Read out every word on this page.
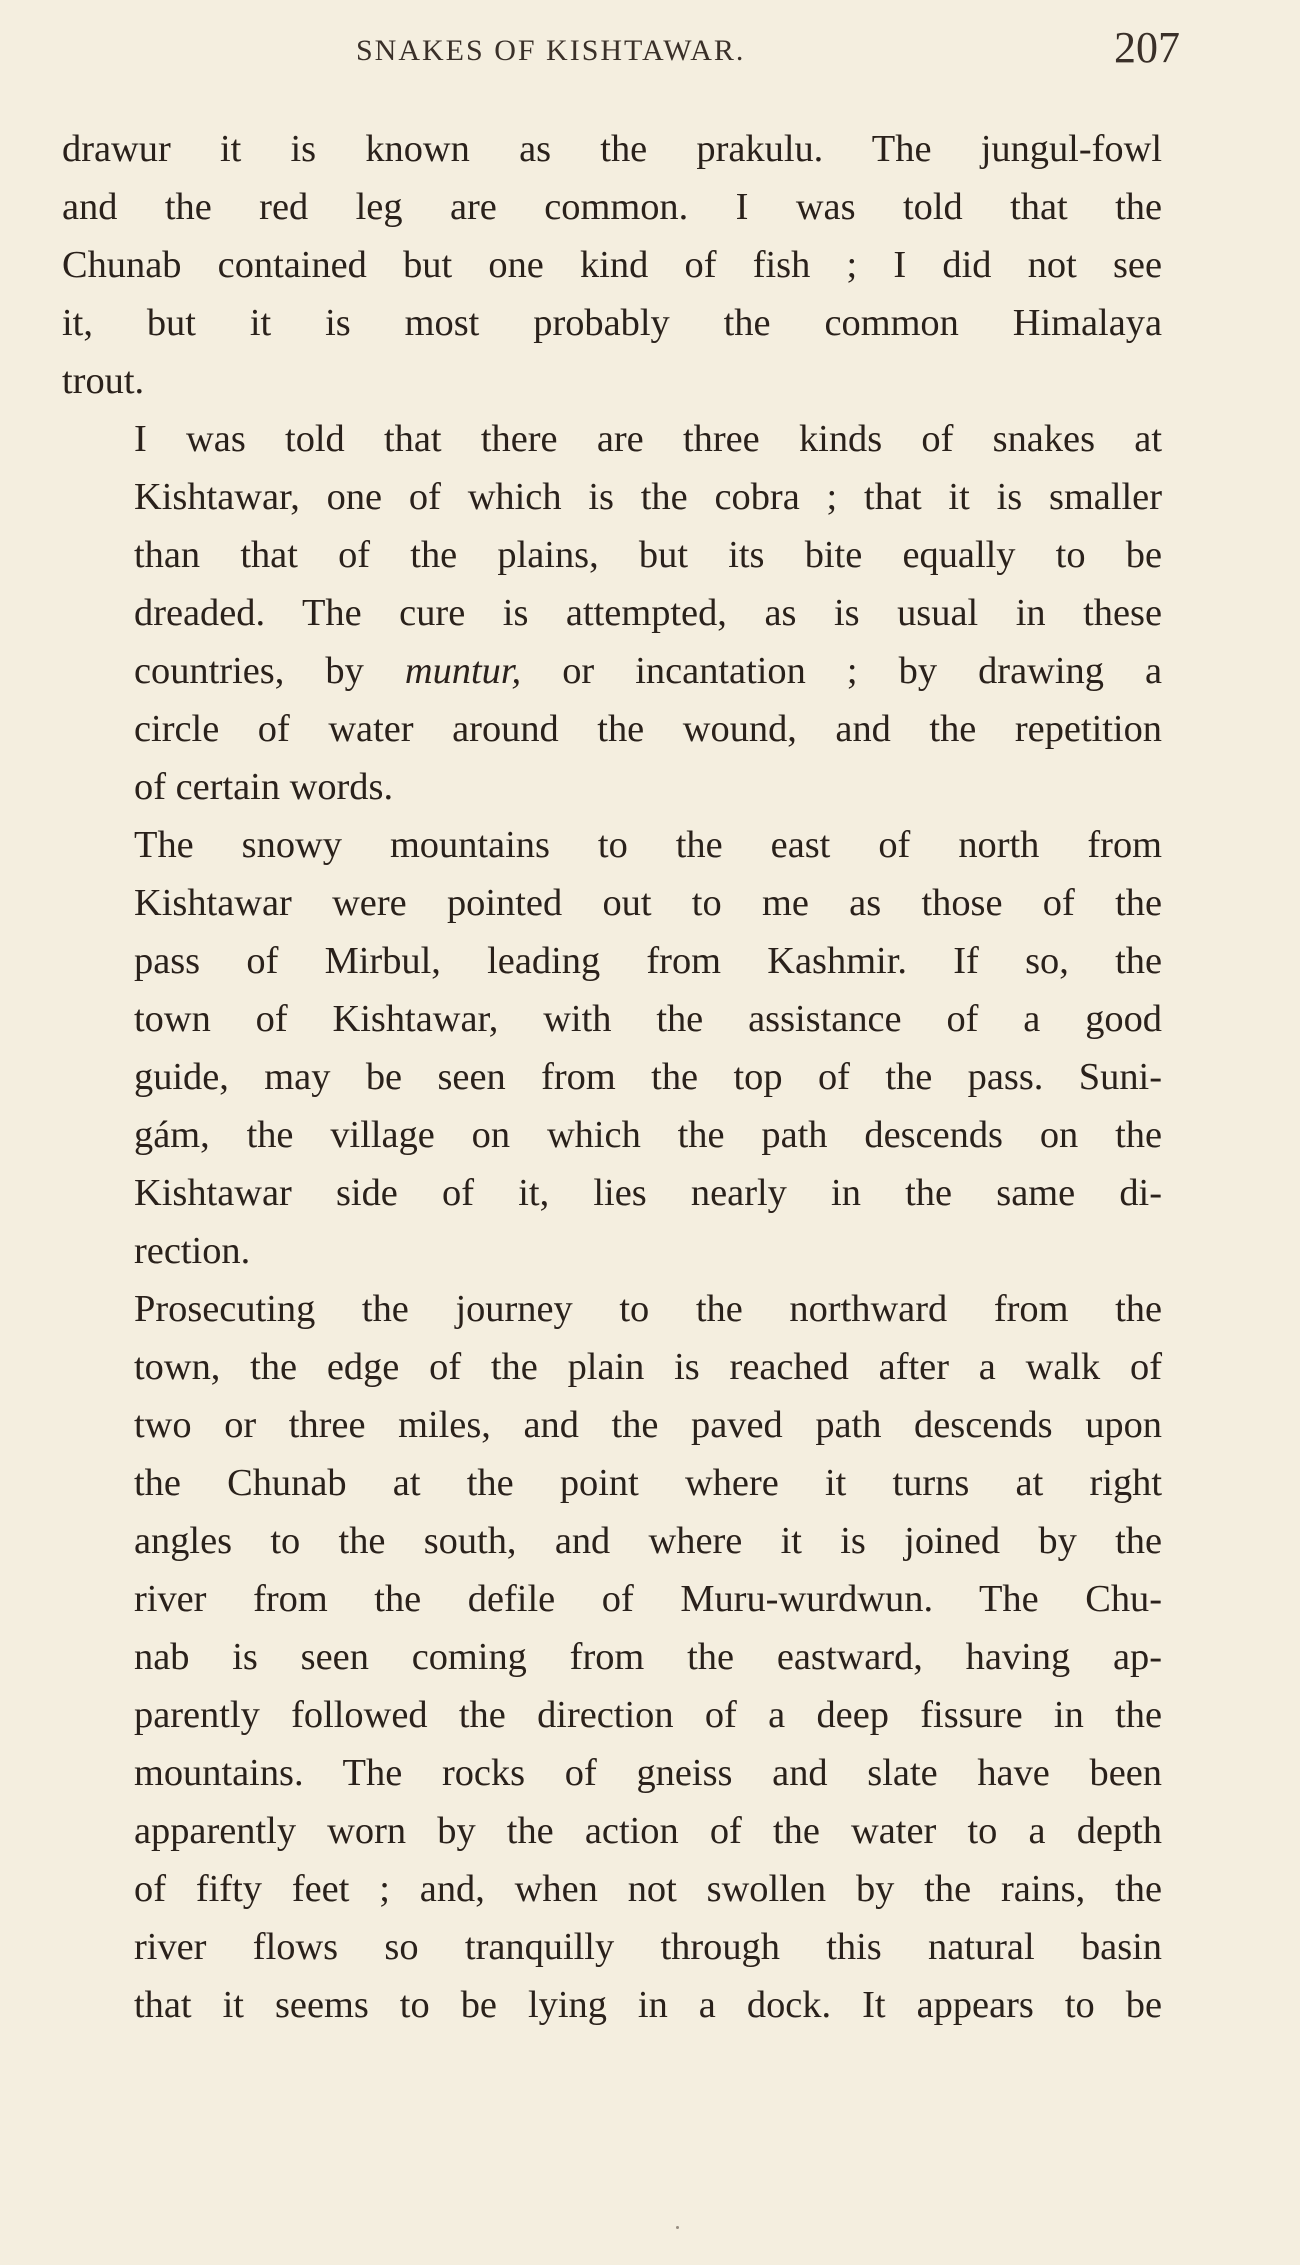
SNAKES OF KISHTAWAR.	207

drawur it is known as the prakulu. The jungul-fowl
and the red leg are common. I was told that the
Chunab contained but one kind of fish ; I did not see
it, but it is most probably the common Himalaya
trout.

I was told that there are three kinds of snakes at
Kishtawar, one of which is the cobra ; that it is smaller
than that of the plains, but its bite equally to be
dreaded. The cure is attempted, as is usual in these
countries, by muntur, or incantation ; by drawing a
circle of water around the wound, and the repetition
of certain words.

The snowy mountains to the east of north from
Kishtawar were pointed out to me as those of the
pass of Mirbul, leading from Kashmir. If so, the
town of Kishtawar, with the assistance of a good
guide, may be seen from the top of the pass. Suni-
gám, the village on which the path descends on the
Kishtawar side of it, lies nearly in the same di-
rection.

Prosecuting the journey to the northward from the
town, the edge of the plain is reached after a walk of
two or three miles, and the paved path descends upon
the Chunab at the point where it turns at right
angles to the south, and where it is joined by the
river from the defile of Muru-wurdwun. The Chu-
nab is seen coming from the eastward, having ap-
parently followed the direction of a deep fissure in the
mountains. The rocks of gneiss and slate have been
apparently worn by the action of the water to a depth
of fifty feet ; and, when not swollen by the rains, the
river flows so tranquilly through this natural basin
that it seems to be lying in a dock. It appears to be
